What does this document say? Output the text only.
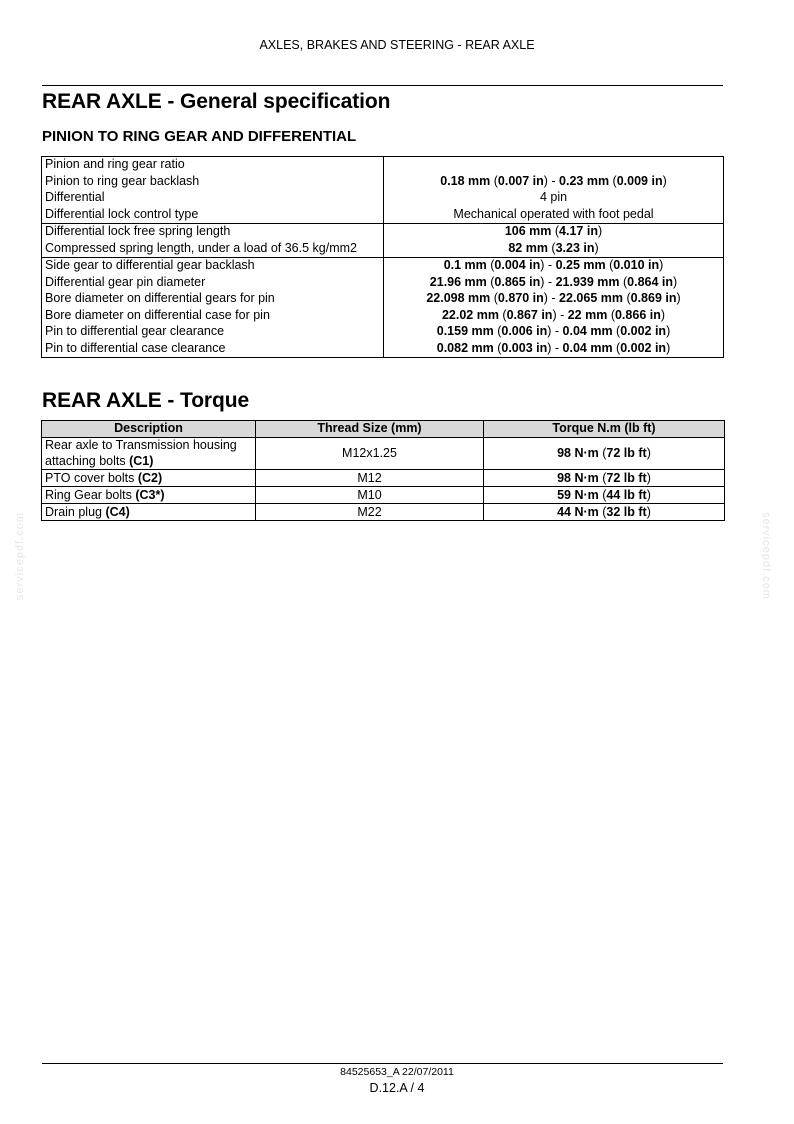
AXLES, BRAKES AND STEERING - REAR AXLE
REAR AXLE - General specification
PINION TO RING GEAR AND DIFFERENTIAL
Pinion and ring gear ratio	
Pinion to ring gear backlash	0.18 mm (0.007 in) - 0.23 mm (0.009 in)
Differential	4 pin
Differential lock control type	Mechanical operated with foot pedal
Differential lock free spring length	106 mm (4.17 in)
Compressed spring length, under a load of 36.5 kg/mm2	82 mm (3.23 in)
Side gear to differential gear backlash	0.1 mm (0.004 in) - 0.25 mm (0.010 in)
Differential gear pin diameter	21.96 mm (0.865 in) - 21.939 mm (0.864 in)
Bore diameter on differential gears for pin	22.098 mm (0.870 in) - 22.065 mm (0.869 in)
Bore diameter on differential case for pin	22.02 mm (0.867 in) - 22 mm (0.866 in)
Pin to differential gear clearance	0.159 mm (0.006 in) - 0.04 mm (0.002 in)
Pin to differential case clearance	0.082 mm (0.003 in) - 0.04 mm (0.002 in)
REAR AXLE - Torque
Description	Thread Size (mm)	Torque N.m (lb ft)
Rear axle to Transmission housing attaching bolts (C1)	M12x1.25	98 N·m (72 lb ft)
PTO cover bolts (C2)	M12	98 N·m (72 lb ft)
Ring Gear bolts (C3*)	M10	59 N·m (44 lb ft)
Drain plug (C4)	M22	44 N·m (32 lb ft)
servicepdf.com	servicepdf.com
84525653_A 22/07/2011
D.12.A / 4
